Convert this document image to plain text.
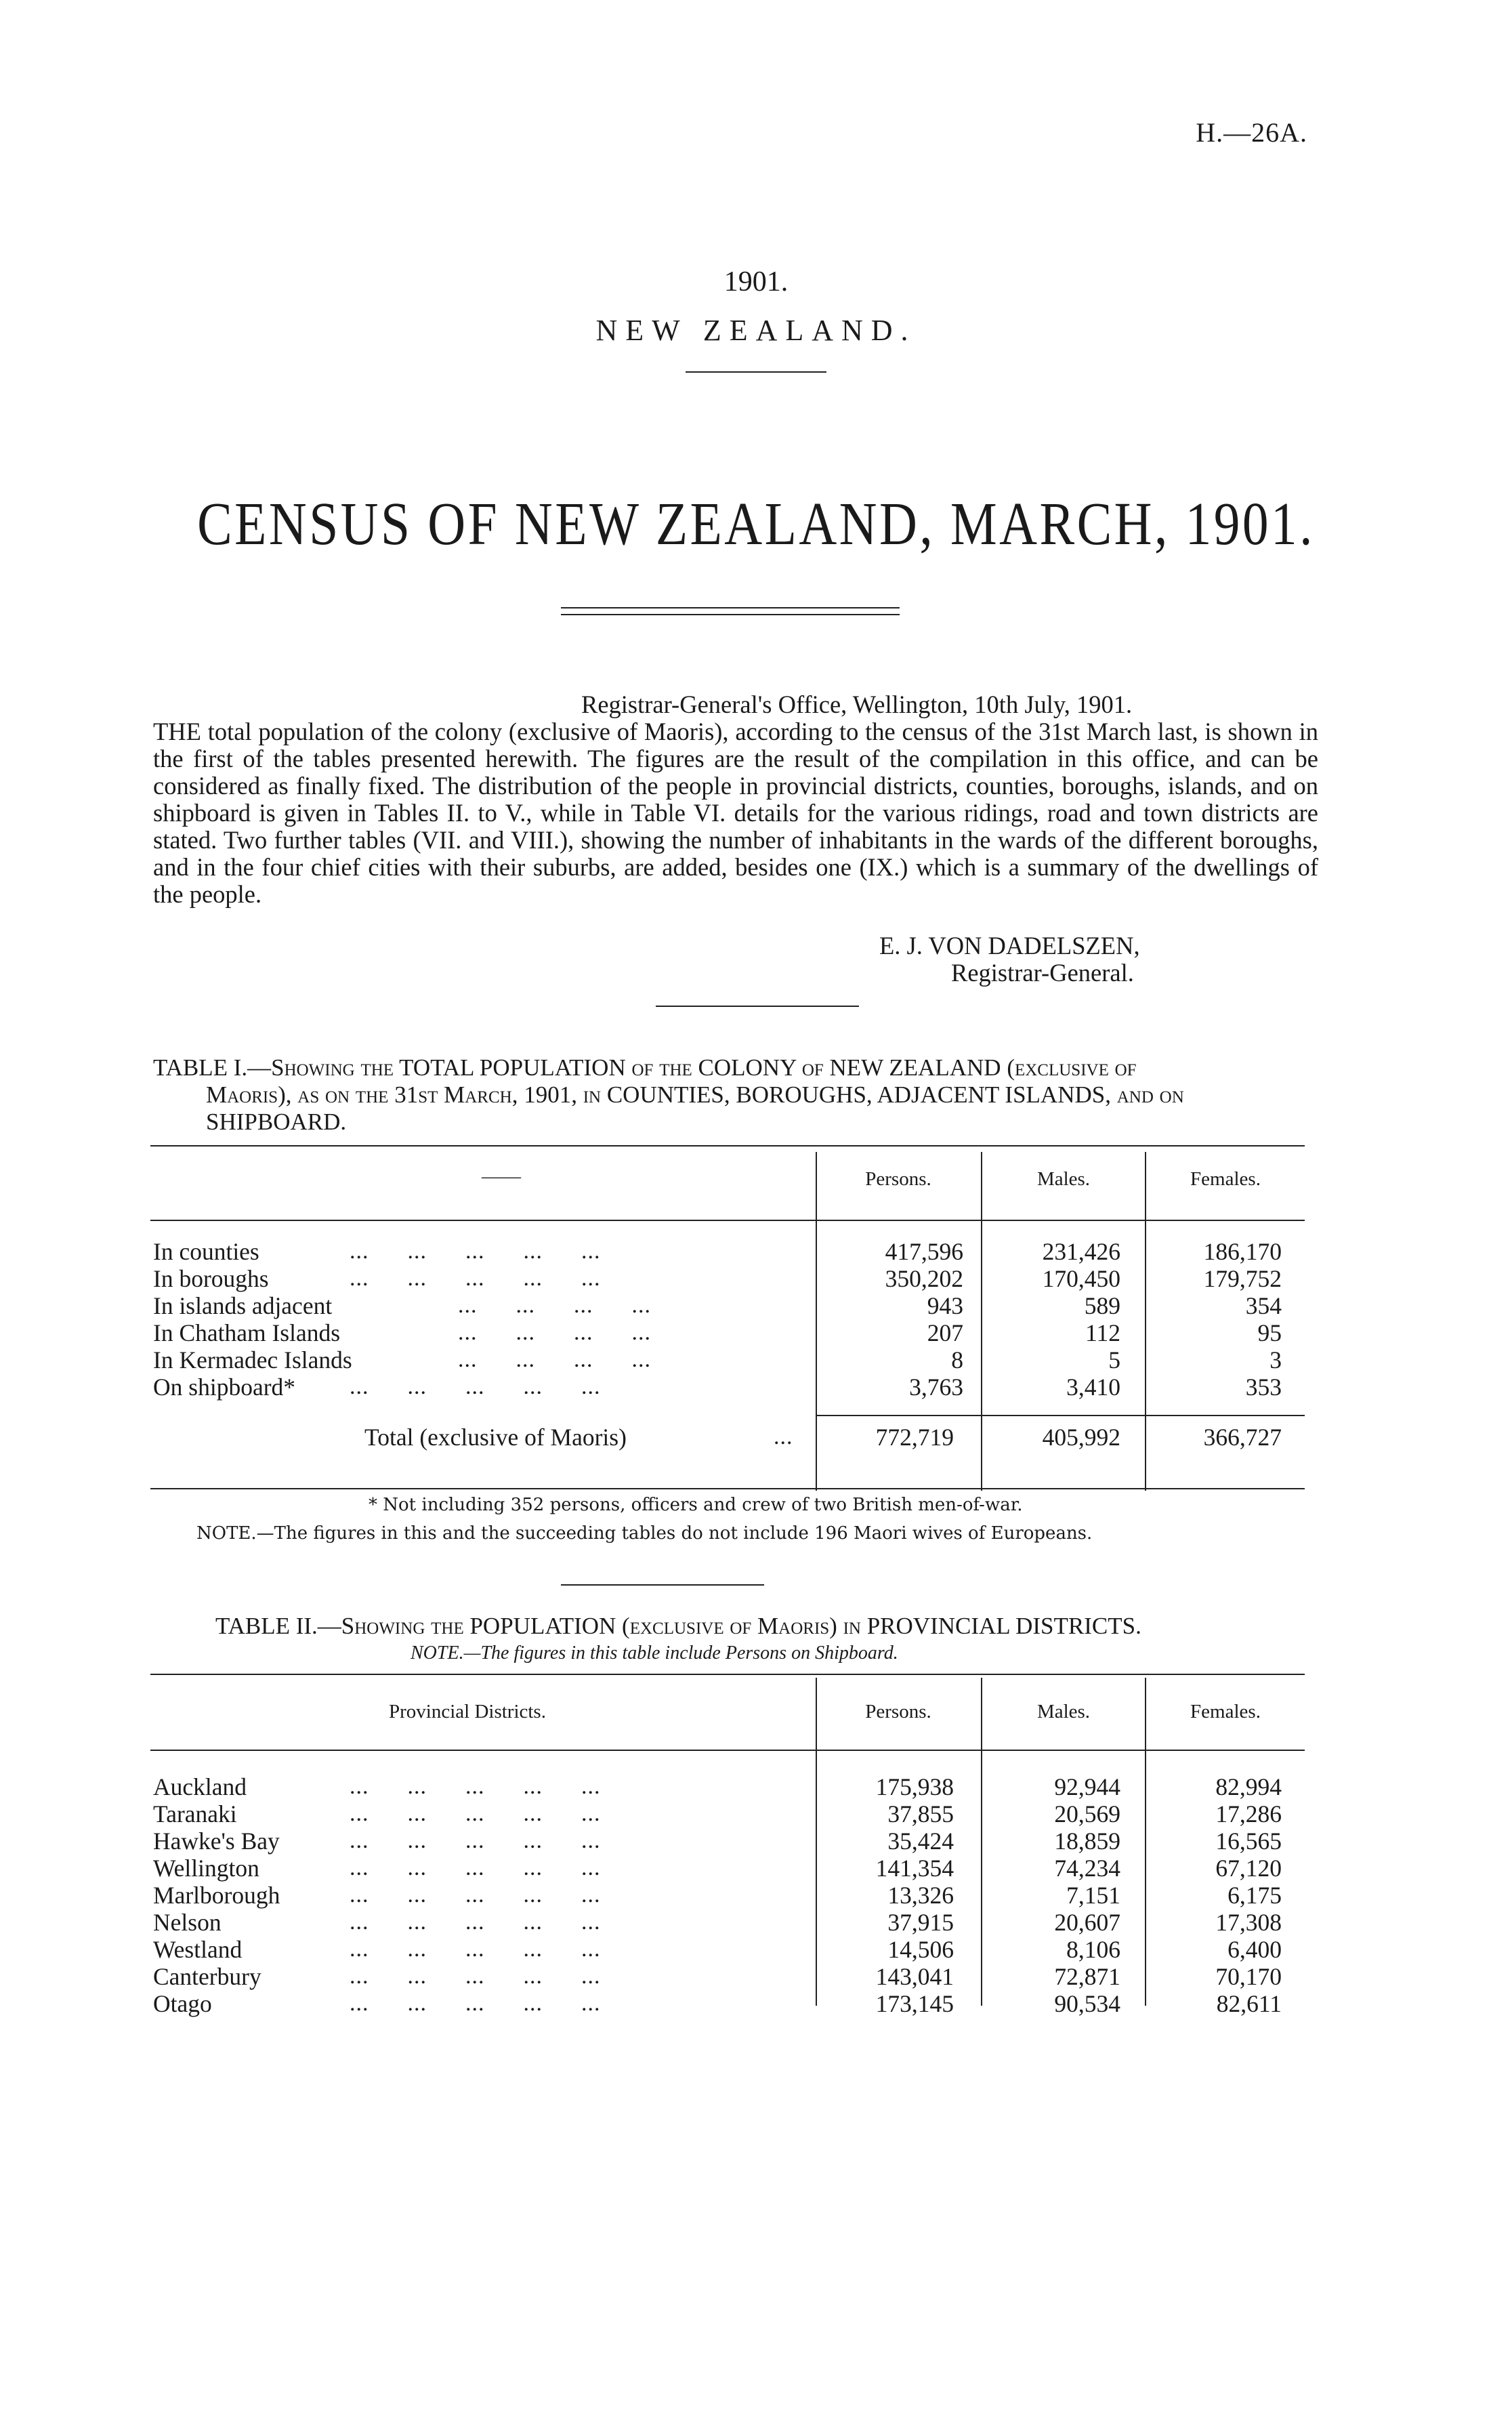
H.—26A.
1901.
NEW ZEALAND.
CENSUS OF NEW ZEALAND, MARCH, 1901.
Registrar-General's Office, Wellington, 10th July, 1901.
THE total population of the colony (exclusive of Maoris), according to the census of the 31st March last, is shown in the first of the tables presented herewith. The figures are the result of the compilation in this office, and can be considered as finally fixed. The distribution of the people in provincial districts, counties, boroughs, islands, and on shipboard is given in Tables II. to V., while in Table VI. details for the various ridings, road and town districts are stated. Two further tables (VII. and VIII.), showing the number of inhabitants in the wards of the different boroughs, and in the four chief cities with their suburbs, are added, besides one (IX.) which is a summary of the dwellings of the people.
E. J. VON DADELSZEN,
Registrar-General.
TABLE I.—Showing the TOTAL POPULATION of the COLONY of NEW ZEALAND (exclusive of
Maoris), as on the 31st March, 1901, in COUNTIES, BOROUGHS, ADJACENT ISLANDS, and on
SHIPBOARD.
——	Persons.	Males.	Females.
In counties	...      ...      ...      ...      ...	417,596	231,426	186,170
In boroughs	...      ...      ...      ...      ...	350,202	170,450	179,752
In islands adjacent	...      ...      ...      ...	943	589	354
In Chatham Islands	...      ...      ...      ...	207	112	95
In Kermadec Islands	...      ...      ...      ...	8	5	3
On shipboard* ...      ...      ...      ...      ...	3,763	3,410	353
Total (exclusive of Maoris)	...	772,719	405,992	366,727
* Not including 352 persons, officers and crew of two British men-of-war.
NOTE.—The figures in this and the succeeding tables do not include 196 Maori wives of Europeans.
TABLE II.—Showing the POPULATION (exclusive of Maoris) in PROVINCIAL DISTRICTS.
NOTE.—The figures in this table include Persons on Shipboard.
Provincial Districts.	Persons.	Males.	Females.
Auckland	...      ...      ...      ...      ...	175,938	92,944	82,994
Taranaki	...      ...      ...      ...      ...	37,855	20,569	17,286
Hawke's Bay	...      ...      ...      ...      ...	35,424	18,859	16,565
Wellington	...      ...      ...      ...      ...	141,354	74,234	67,120
Marlborough	...      ...      ...      ...      ...	13,326	7,151	6,175
Nelson	...      ...      ...      ...      ...	37,915	20,607	17,308
Westland	...      ...      ...      ...      ...	14,506	8,106	6,400
Canterbury	...      ...      ...      ...      ...	143,041	72,871	70,170
Otago	...      ...      ...      ...      ...	173,145	90,534	82,611
